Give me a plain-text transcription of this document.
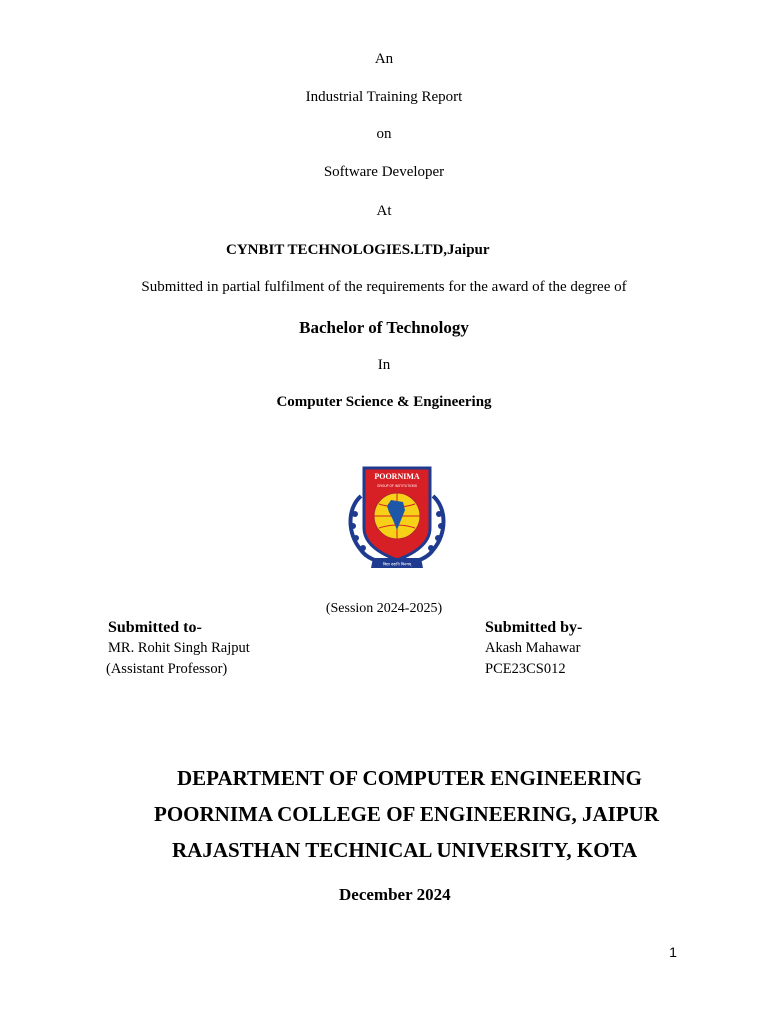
An
Industrial Training Report
on
Software Developer
At
CYNBIT TECHNOLOGIES.LTD,Jaipur
Submitted in partial fulfilment of the requirements for the award of the degree of
Bachelor of Technology
In
Computer Science & Engineering
POORNIMA
GROUP OF INSTITUTIONS
विद्या ददाति विनयम्
(Session 2024-2025)
Submitted to-
MR. Rohit Singh Rajput
(Assistant Professor)
Submitted by-
Akash Mahawar
PCE23CS012
DEPARTMENT OF COMPUTER ENGINEERING
POORNIMA COLLEGE OF ENGINEERING, JAIPUR
RAJASTHAN TECHNICAL UNIVERSITY, KOTA
December 2024
1
